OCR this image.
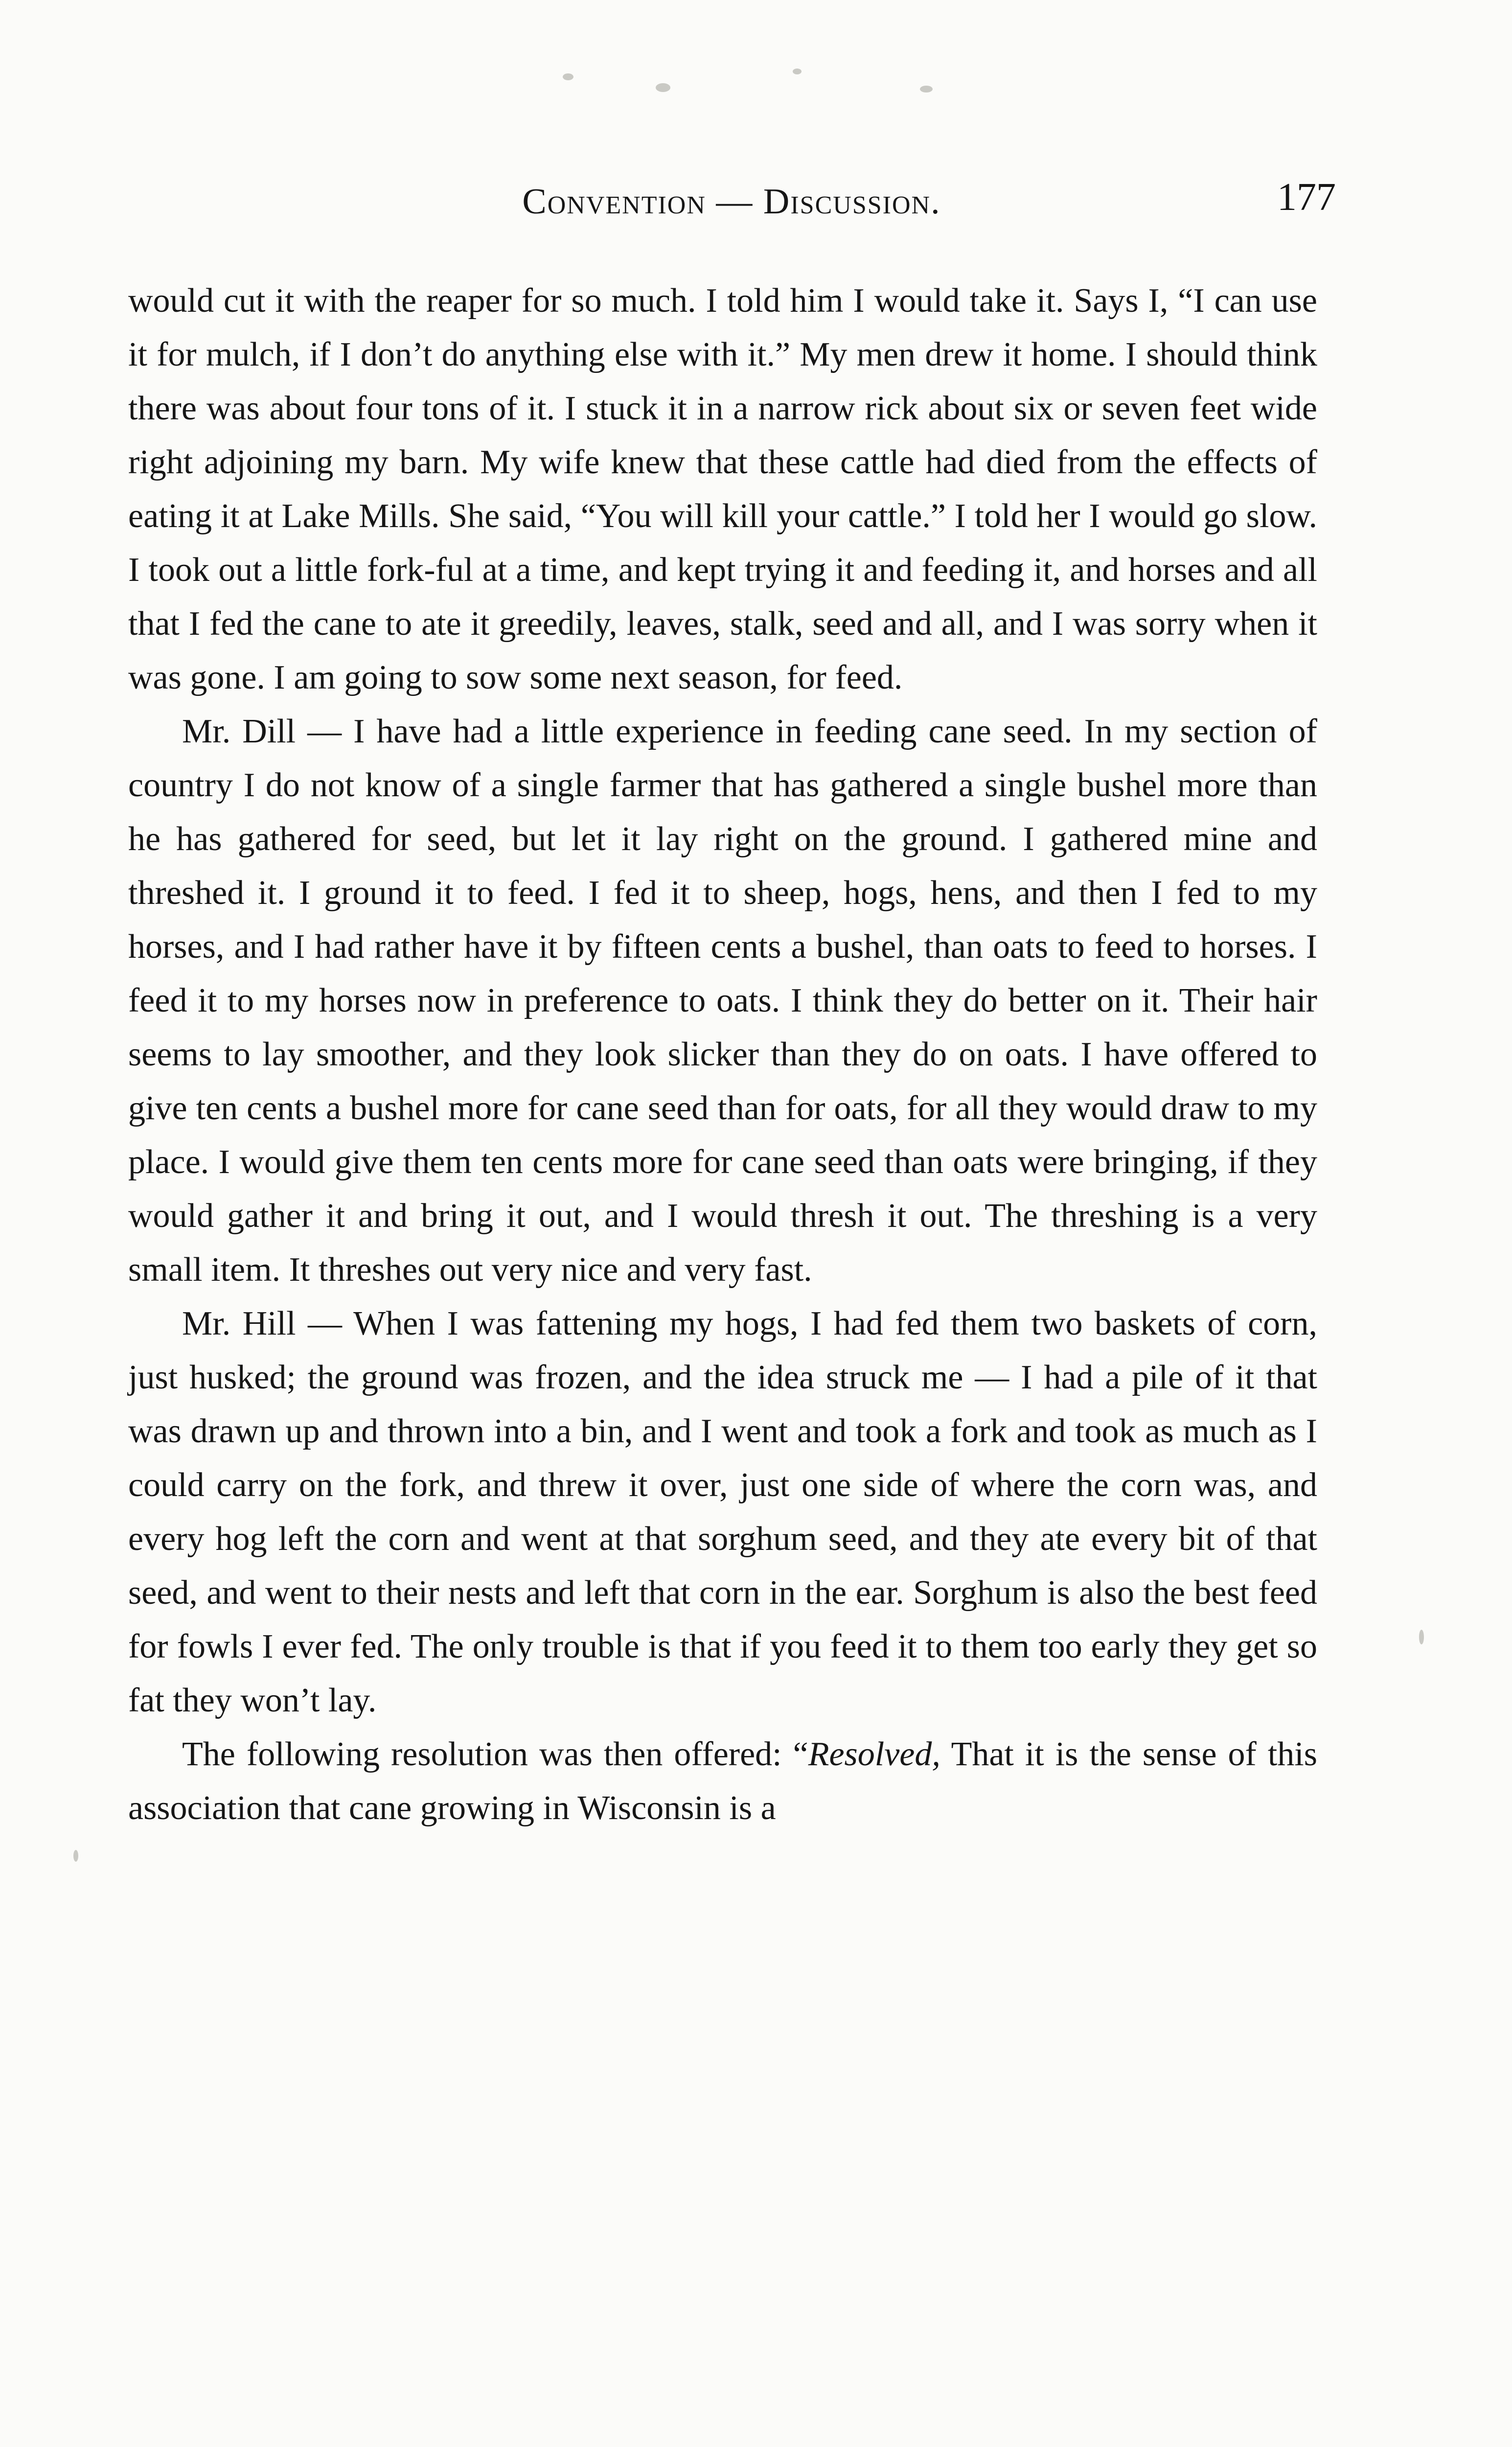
Convention — Discussion.	177

would cut it with the reaper for so much. I told him I would take it. Says I, “I can use it for mulch, if I don’t do anything else with it.” My men drew it home. I should think there was about four tons of it. I stuck it in a narrow rick about six or seven feet wide right adjoining my barn. My wife knew that these cattle had died from the effects of eating it at Lake Mills. She said, “You will kill your cattle.” I told her I would go slow. I took out a little fork-ful at a time, and kept trying it and feeding it, and horses and all that I fed the cane to ate it greedily, leaves, stalk, seed and all, and I was sorry when it was gone. I am going to sow some next season, for feed.

Mr. Dill — I have had a little experience in feeding cane seed. In my section of country I do not know of a single farmer that has gathered a single bushel more than he has gathered for seed, but let it lay right on the ground. I gathered mine and threshed it. I ground it to feed. I fed it to sheep, hogs, hens, and then I fed to my horses, and I had rather have it by fifteen cents a bushel, than oats to feed to horses. I feed it to my horses now in preference to oats. I think they do better on it. Their hair seems to lay smoother, and they look slicker than they do on oats. I have offered to give ten cents a bushel more for cane seed than for oats, for all they would draw to my place. I would give them ten cents more for cane seed than oats were bringing, if they would gather it and bring it out, and I would thresh it out. The threshing is a very small item. It threshes out very nice and very fast.

Mr. Hill — When I was fattening my hogs, I had fed them two baskets of corn, just husked; the ground was frozen, and the idea struck me — I had a pile of it that was drawn up and thrown into a bin, and I went and took a fork and took as much as I could carry on the fork, and threw it over, just one side of where the corn was, and every hog left the corn and went at that sorghum seed, and they ate every bit of that seed, and went to their nests and left that corn in the ear. Sorghum is also the best feed for fowls I ever fed. The only trouble is that if you feed it to them too early they get so fat they won’t lay.

The following resolution was then offered: “Resolved, That it is the sense of this association that cane growing in Wisconsin is a
